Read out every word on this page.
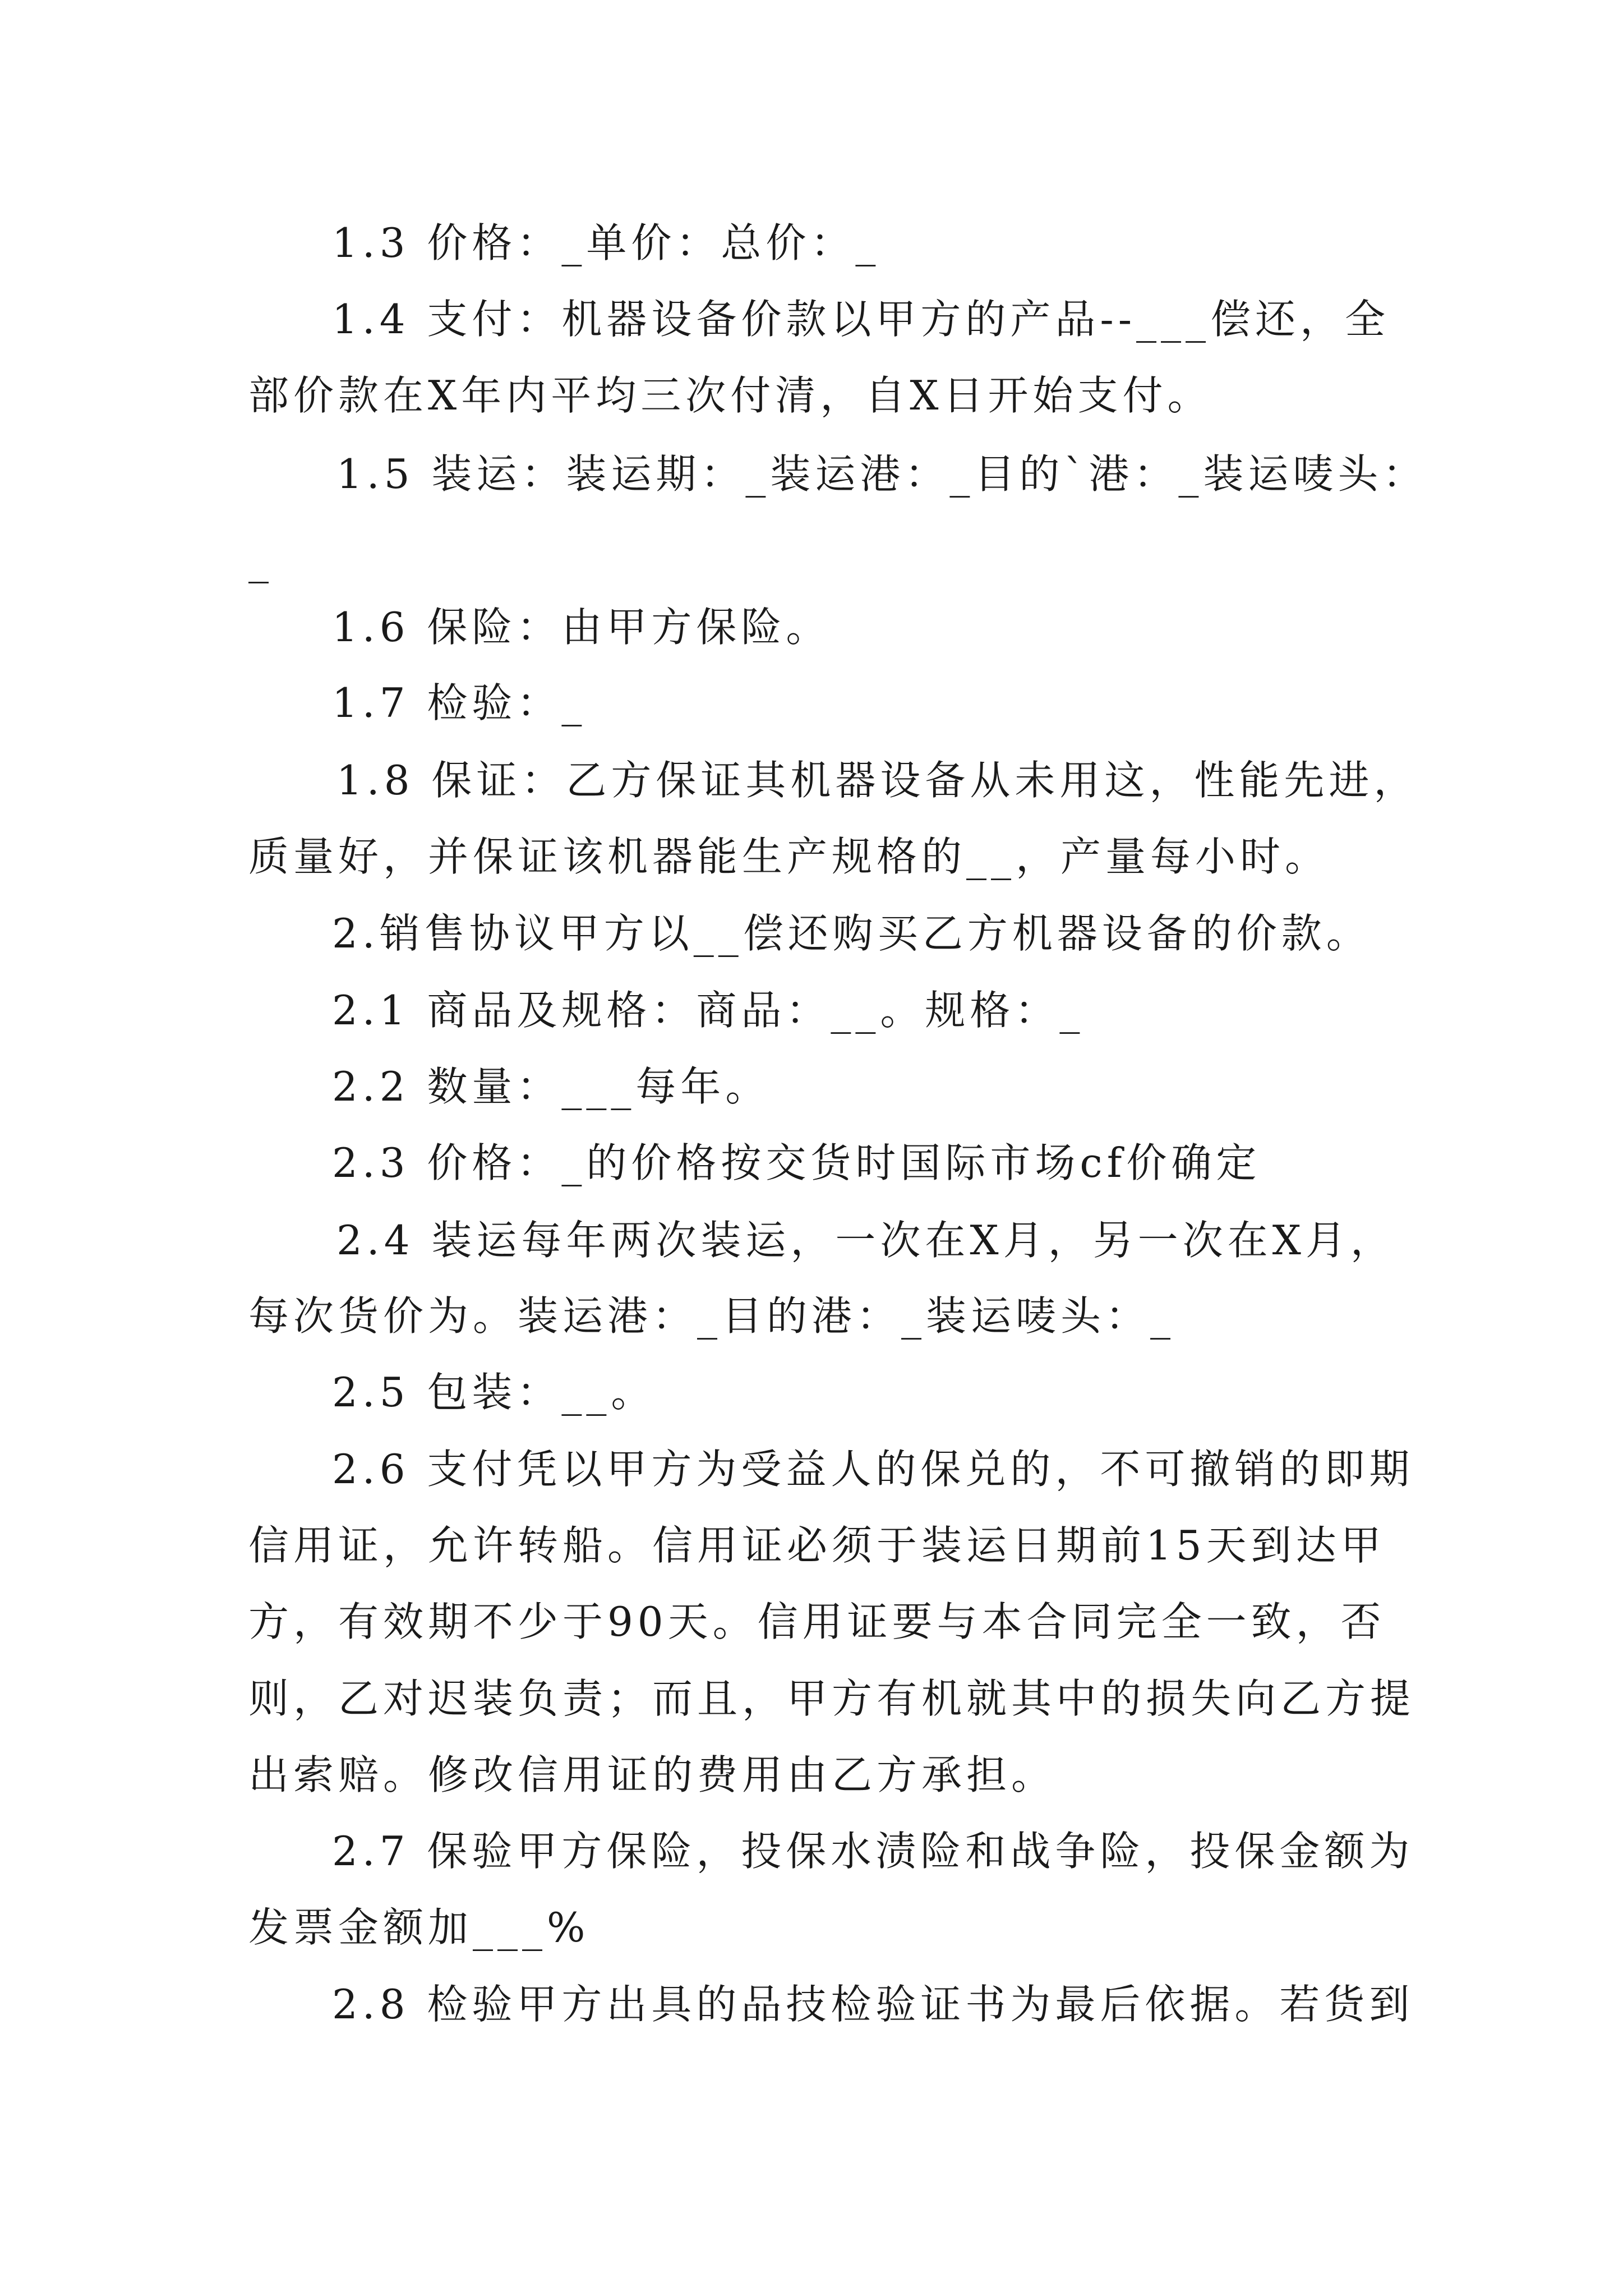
1.3 价格：_单价：总价：_

1.4 支付：机器设备价款以甲方的产品--___偿还，全

部价款在X年内平均三次付清，自X日开始支付。

1.5 装运：装运期：_装运港：_目的`港：_装运唛头：

_

1.6 保险：由甲方保险。

1.7 检验：_

1.8 保证：乙方保证其机器设备从未用这，性能先进，

质量好，并保证该机器能生产规格的__，产量每小时。

2.销售协议甲方以__偿还购买乙方机器设备的价款。

2.1 商品及规格：商品：__。规格：_

2.2 数量：___每年。

2.3 价格：_的价格按交货时国际市场cf价确定

2.4 装运每年两次装运，一次在X月，另一次在X月，

每次货价为。装运港：_目的港：_装运唛头：_

2.5 包装：__。

2.6 支付凭以甲方为受益人的保兑的，不可撤销的即期

信用证，允许转船。信用证必须于装运日期前15天到达甲

方，有效期不少于90天。信用证要与本合同完全一致，否

则，乙对迟装负责；而且，甲方有机就其中的损失向乙方提

出索赔。修改信用证的费用由乙方承担。

2.7 保验甲方保险，投保水渍险和战争险，投保金额为

发票金额加___%

2.8 检验甲方出具的品技检验证书为最后依据。若货到
